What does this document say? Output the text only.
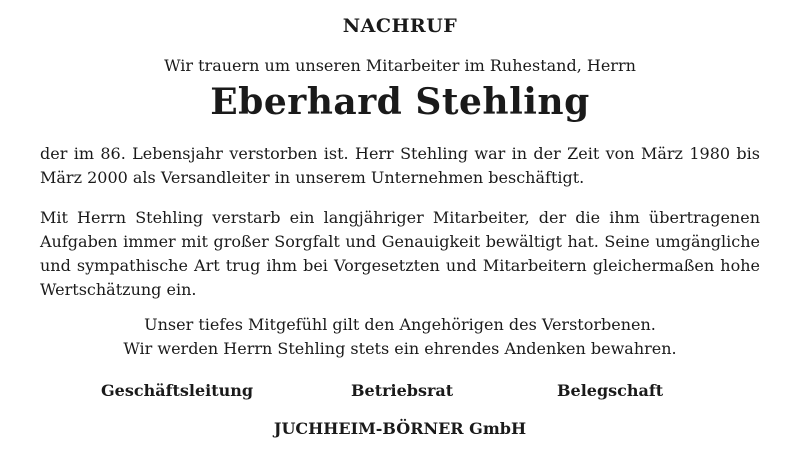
NACHRUF
Wir trauern um unseren Mitarbeiter im Ruhestand, Herrn
Eberhard Stehling
der im 86. Lebensjahr verstorben ist. Herr Stehling war in der Zeit von März 1980 bis März 2000 als Versandleiter in unserem Unternehmen beschäftigt.
Mit Herrn Stehling verstarb ein langjähriger Mitarbeiter, der die ihm übertragenen Aufgaben immer mit großer Sorgfalt und Genauigkeit bewältigt hat. Seine umgängliche und sympathische Art trug ihm bei Vorgesetzten und Mitarbeitern gleichermaßen hohe Wertschätzung ein.
Unser tiefes Mitgefühl gilt den Angehörigen des Verstorbenen.
Wir werden Herrn Stehling stets ein ehrendes Andenken bewahren.
Geschäftsleitung	Betriebsrat	Belegschaft
JUCHHEIM-BÖRNER GmbH
